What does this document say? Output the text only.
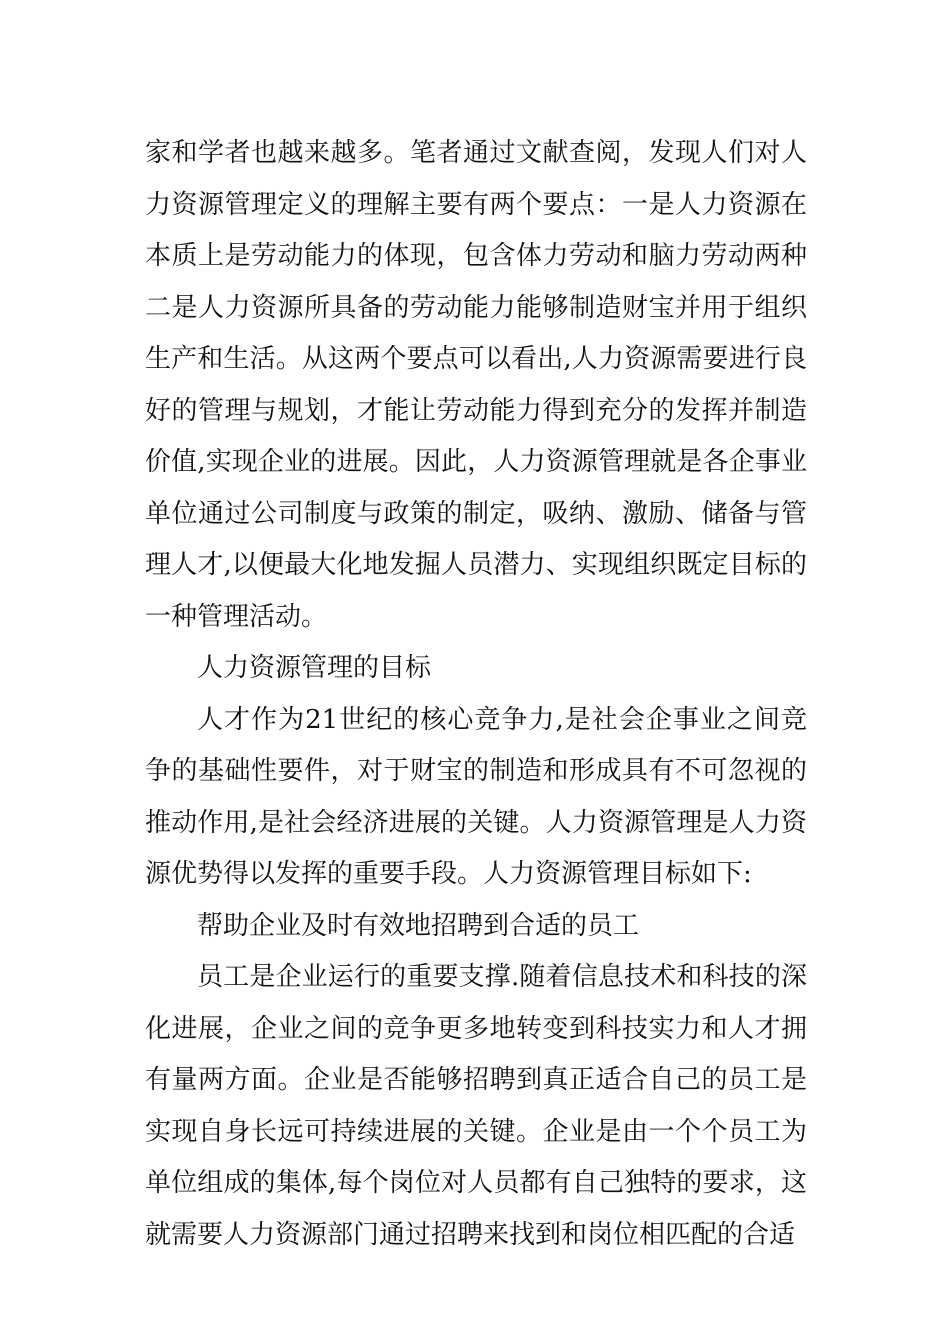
家和学者也越来越多。笔者通过文献查阅，发现人们对人力资源管理定义的理解主要有两个要点：一是人力资源在本质上是劳动能力的体现，包含体力劳动和脑力劳动两种二是人力资源所具备的劳动能力能够制造财宝并用于组织生产和生活。从这两个要点可以看出,人力资源需要进行良好的管理与规划，才能让劳动能力得到充分的发挥并制造价值,实现企业的进展。因此，人力资源管理就是各企事业单位通过公司制度与政策的制定，吸纳、激励、储备与管理人才,以便最大化地发掘人员潜力、实现组织既定目标的一种管理活动。

人力资源管理的目标

人才作为21世纪的核心竞争力,是社会企事业之间竞争的基础性要件，对于财宝的制造和形成具有不可忽视的推动作用,是社会经济进展的关键。人力资源管理是人力资源优势得以发挥的重要手段。人力资源管理目标如下:

帮助企业及时有效地招聘到合适的员工

员工是企业运行的重要支撑.随着信息技术和科技的深化进展，企业之间的竞争更多地转变到科技实力和人才拥有量两方面。企业是否能够招聘到真正适合自己的员工是实现自身长远可持续进展的关键。企业是由一个个员工为单位组成的集体,每个岗位对人员都有自己独特的要求，这就需要人力资源部门通过招聘来找到和岗位相匹配的合适
